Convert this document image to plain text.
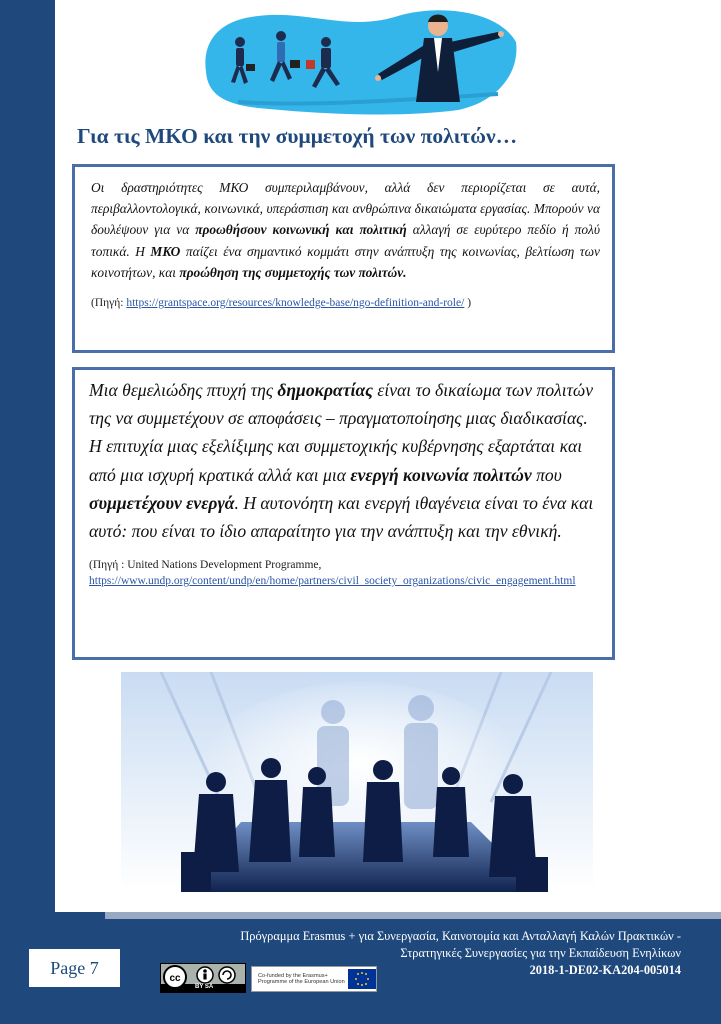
Για τις ΜΚΟ και την συμμετοχή των πολιτών…

Οι δραστηριότητες ΜΚΟ συμπεριλαμβάνουν, αλλά δεν περιορίζεται σε αυτά, περιβαλλοντολογικά, κοινωνικά, υπεράσπιση και ανθρώπινα δικαιώματα εργασίας. Μπορούν να δουλέψουν για να προωθήσουν κοινωνική και πολιτική αλλαγή σε ευρύτερο πεδίο ή πολύ τοπικά. Η ΜΚΟ παίζει ένα σημαντικό κομμάτι στην ανάπτυξη της κοινωνίας, βελτίωση των κοινοτήτων, και προώθηση της συμμετοχής των πολιτών.

(Πηγή: https://grantspace.org/resources/knowledge-base/ngo-definition-and-role/ )

Μια θεμελιώδης πτυχή της δημοκρατίας είναι το δικαίωμα των πολιτών της να συμμετέχουν σε αποφάσεις – πραγματοποίησης μιας διαδικασίας. Η επιτυχία μιας εξελίξιμης και συμμετοχικής κυβέρνησης εξαρτάται και από μια ισχυρή κρατικά αλλά και μια ενεργή κοινωνία πολιτών που συμμετέχουν ενεργά. Η αυτονόητη και ενεργή ιθαγένεια είναι το ένα και αυτό: που είναι το ίδιο απαραίτητο για την ανάπτυξη και την εθνική.

(Πηγή : United Nations Development Programme,
https://www.undp.org/content/undp/en/home/partners/civil_society_organizations/civic_engagement.html

Πρόγραμμα Erasmus + για Συνεργασία, Καινοτομία και Ανταλλαγή Καλών Πρακτικών -
Στρατηγικές Συνεργασίες για την Εκπαίδευση Ενηλίκων
2018-1-DE02-KA204-005014
Page 7
cc
BY SA
Co-funded by the Erasmus+ Programme of the European Union
